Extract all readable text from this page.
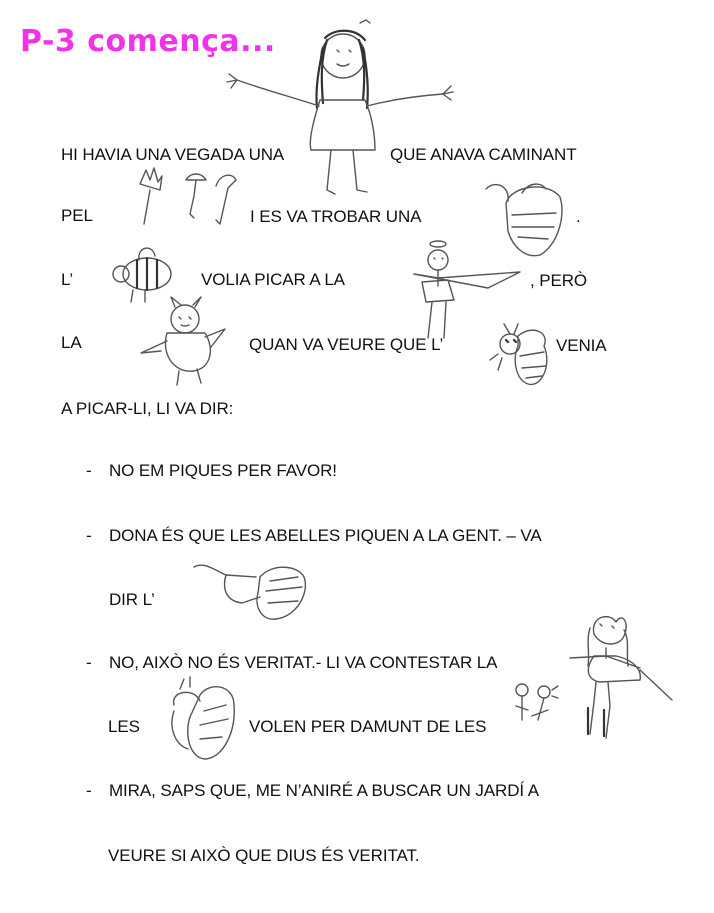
P-3 comença...
HI HAVIA UNA VEGADA UNA	QUE ANAVA CAMINANT
PEL	I ES VA TROBAR UNA	.
L’	VOLIA PICAR A LA	, PERÒ
LA	QUAN VA VEURE QUE L’	VENIA
A PICAR-LI, LI VA DIR:
- NO EM PIQUES PER FAVOR!
- DONA ÉS QUE LES ABELLES PIQUEN A LA GENT. – VA
DIR L’
- NO, AIXÒ NO ÉS VERITAT.- LI VA CONTESTAR LA
LES	VOLEN PER DAMUNT DE LES
- MIRA, SAPS QUE, ME N’ANIRÉ A BUSCAR UN JARDÍ A
VEURE SI AIXÒ QUE DIUS ÉS VERITAT.
